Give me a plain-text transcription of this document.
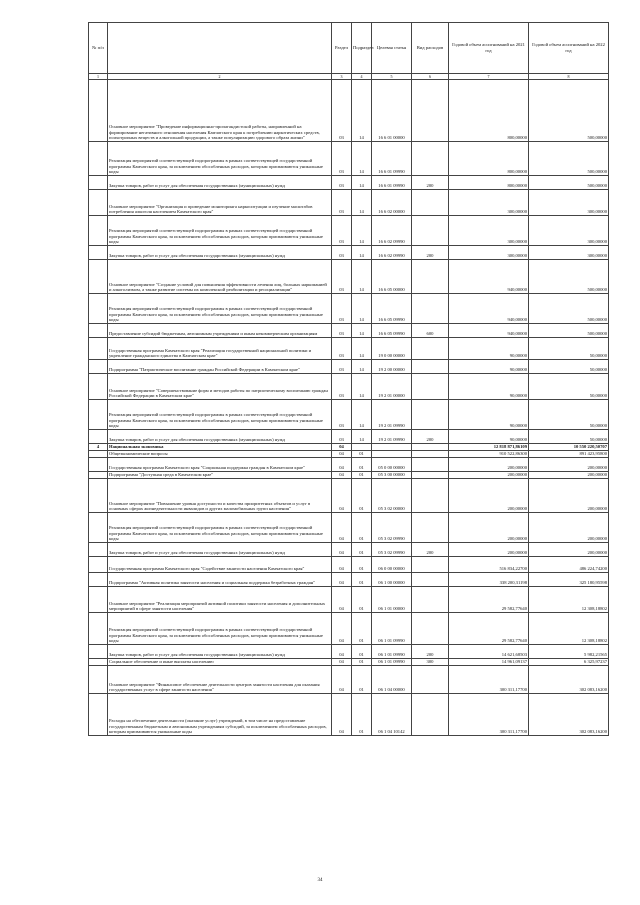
№ п/п		Раздел	Подраздел	Целевая статья	Вид расходов	Годовой объем ассигнований на 2021 год	Годовой объем ассигнований на 2022 год
1	2	3	4	5	6	7	8
	Основное мероприятие "Проведение информационно-пропагандистской работы, направленной на формирование негативного отношения населения Камчатского края к потреблению наркотических средств, психотропных веществ и алкогольной продукции, а также популяризацию здорового образа жизни"	03	14	16 6 01 00000		800,00000	500,00000
	Реализация мероприятий соответствующей подпрограммы в рамках соответствующей государственной программы Камчатского края, за исключением обособленных расходов, которым присваиваются уникальные коды	03	14	16 6 01 09990		800,00000	500,00000
	Закупка товаров, работ и услуг для обеспечения государственных (муниципальных) нужд	03	14	16 6 01 09990	200	800,00000	500,00000
	Основное мероприятие "Организация и проведение мониторинга наркоситуации и изучение масштабов потребления алкоголя населением Камчатского края"	03	14	16 6 02 00000		300,00000	300,00000
	Реализация мероприятий соответствующей подпрограммы в рамках соответствующей государственной программы Камчатского края, за исключением обособленных расходов, которым присваиваются уникальные коды	03	14	16 6 02 09990		300,00000	300,00000
	Закупка товаров, работ и услуг для обеспечения государственных (муниципальных) нужд	03	14	16 6 02 09990	200	300,00000	300,00000
	Основное мероприятие "Создание условий для повышения эффективности лечения лиц, больных наркоманией и алкоголизмом, а также развитие системы их комплексной реабилитации и ресоциализации"	03	14	16 6 05 00000		940,00000	500,00000
	Реализация мероприятий соответствующей подпрограммы в рамках соответствующей государственной программы Камчатского края, за исключением обособленных расходов, которым присваиваются уникальные коды	03	14	16 6 05 09990		940,00000	500,00000
	Предоставление субсидий бюджетным, автономным учреждениям и иным некоммерческим организациям	03	14	16 6 05 09990	600	940,00000	500,00000
	Государственная программа Камчатского края "Реализация государственной национальной политики и укрепление гражданского единства в Камчатском крае"	03	14	19 0 00 00000		90,00000	50,00000
	Подпрограмма "Патриотическое воспитание граждан Российской Федерации в Камчатском крае"	03	14	19 2 00 00000		90,00000	50,00000
	Основное мероприятие "Совершенствование форм и методов работы по патриотическому воспитанию граждан Российской Федерации в Камчатском крае"	03	14	19 2 01 00000		90,00000	50,00000
	Реализация мероприятий соответствующей подпрограммы в рамках соответствующей государственной программы Камчатского края, за исключением обособленных расходов, которым присваиваются уникальные коды	03	14	19 2 01 09990		90,00000	50,00000
	Закупка товаров, работ и услуг для обеспечения государственных (муниципальных) нужд	03	14	19 2 01 09990	200	90,00000	50,00000
4	Национальная экономика	04				12 818 871,86109	10 550 220,50707
	Общеэкономические вопросы	04	01			910 522,86300	891 423,95800
	Государственная программа Камчатского края "Социальная поддержка граждан в Камчатском крае"	04	01	05 0 00 00000		200,00000	200,00000
	Подпрограмма "Доступная среда в Камчатском крае"	04	01	05 3 00 00000		200,00000	200,00000
	Основное мероприятие "Повышение уровня доступности и качества приоритетных объектов и услуг в основных сферах жизнедеятельности инвалидов и других маломобильных групп населения"	04	01	05 3 02 00000		200,00000	200,00000
	Реализация мероприятий соответствующей подпрограммы в рамках соответствующей государственной программы Камчатского края, за исключением обособленных расходов, которым присваиваются уникальные коды	04	01	05 3 02 09990		200,00000	200,00000
	Закупка товаров, работ и услуг для обеспечения государственных (муниципальных) нужд	04	01	05 3 02 09990	200	200,00000	200,00000
	Государственная программа Камчатского края "Содействие занятости населения Камчатского края"	04	01	06 0 00 00000		516 834,22700	486 224,74200
	Подпрограмма "Активная политика занятости населения и социальная поддержка безработных граждан"	04	01	06 1 00 00000		338 200,31198	325 180,95598
	Основное мероприятие "Реализация мероприятий активной политики занятости населения и дополнительных мероприятий в сфере занятости населения"	04	01	06 1 01 00000		29 582,77640	12 308,18802
	Реализация мероприятий соответствующей подпрограммы в рамках соответствующей государственной программы Камчатского края, за исключением обособленных расходов, которым присваиваются уникальные коды	04	01	06 1 01 09990		29 582,77640	12 308,18802
	Закупка товаров, работ и услуг для обеспечения государственных (муниципальных) нужд	04	01	06 1 01 09990	200	14 621,68503	5 982,21565
	Социальное обеспечение и иные выплаты населению	04	01	06 1 01 09990	300	14 961,09137	6 325,97237
	Основное мероприятие "Финансовое обеспечение деятельности центров занятости населения для оказания государственных услуг в сфере занятости населения"	04	01	06 1 04 00000		300 311,17700	302 083,16200
	Расходы на обеспечение деятельности (оказание услуг) учреждений, в том числе на предоставление государственным бюджетным и автономным учреждениям субсидий, за исключением обособленных расходов, которым присваиваются уникальные коды	04	01	06 1 04 10142		300 311,17700	302 083,16200
34
